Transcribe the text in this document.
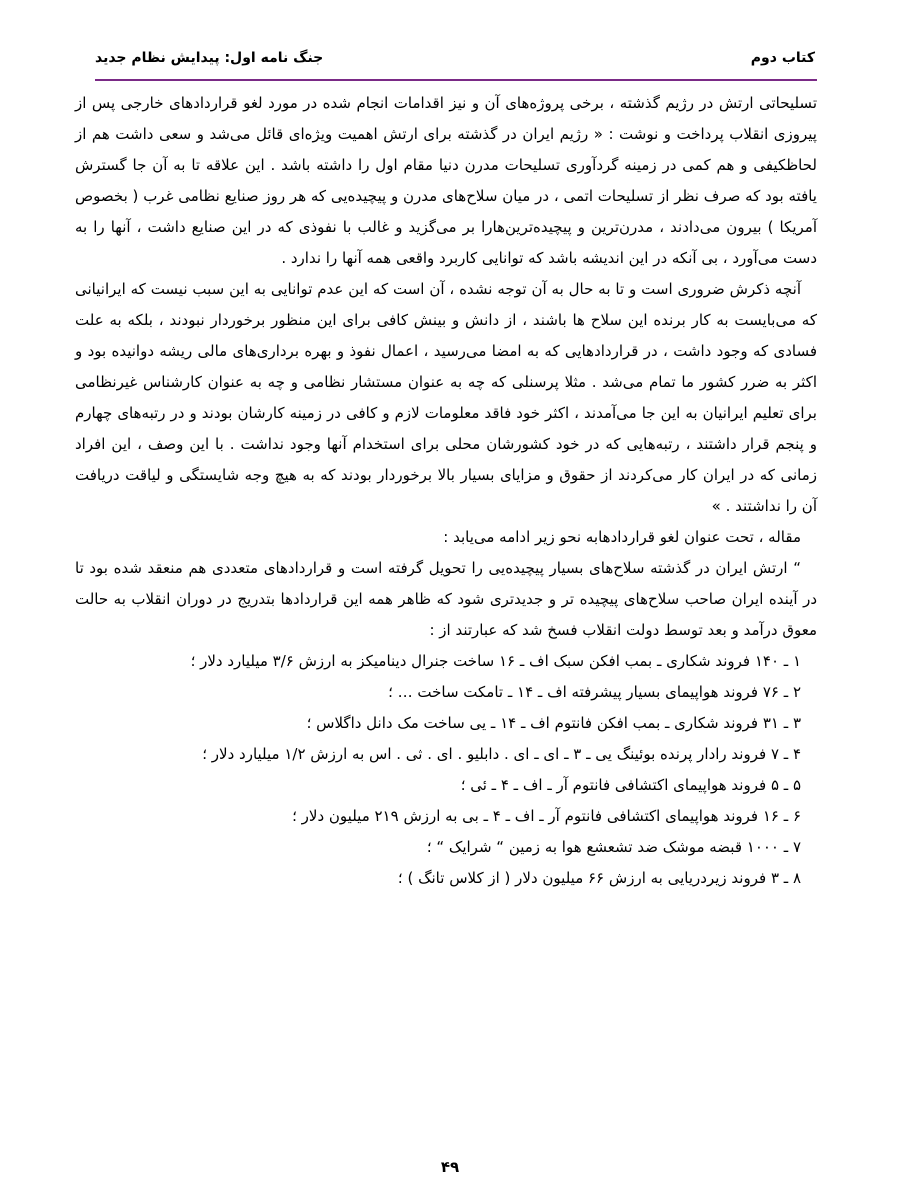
کتاب دوم
جنگ نامه اول: پیدایش نظام جدید

تسلیحاتی ارتش در رژیم گذشته ، برخی پروژه‌های آن و نیز اقدامات انجام شده در مورد لغو قراردادهای خارجی پس از پیروزی انقلاب پرداخت و نوشت : « رژیم ایران در گذشته برای ارتش اهمیت ویژه‌ای قائل می‌شد و سعی داشت هم از لحاظکیفی و هم کمی در زمینه گردآوری تسلیحات مدرن دنیا مقام اول را داشته باشد . این علاقه تا به آن جا گسترش یافته بود که صرف نظر از تسلیحات اتمی ، در میان سلاح‌های مدرن و پیچیده‌یی که هر روز صنایع نظامی غرب ( بخصوص آمریکا ) بیرون می‌دادند ، مدرن‌ترین و پیچیده‌ترین‌هارا بر می‌گزید و غالب با نفوذی که در این صنایع داشت ، آنها را به دست می‌آورد ، بی آنکه در این اندیشه باشد که توانایی کاربرد واقعی همه آنها را ندارد .

آنچه ذکرش ضروری است و تا به حال به آن توجه نشده ، آن است که این عدم توانایی به این سبب نیست که ایرانیانی که می‌بایست به کار برنده این سلاح ها باشند ، از دانش و بینش کافی برای این منظور برخوردار نبودند ، بلکه به علت فسادی که وجود داشت ، در قراردادهایی که به امضا می‌رسید ، اعمال نفوذ و بهره برداری‌های مالی ریشه دوانیده بود و اکثر به ضرر کشور ما تمام می‌شد . مثلا پرسنلی که چه به عنوان مستشار نظامی و چه به عنوان کارشناس غیرنظامی برای تعلیم ایرانیان به این جا می‌آمدند ، اکثر خود فاقد معلومات لازم و کافی در زمینه کارشان بودند و در رتبه‌های چهارم و پنجم قرار داشتند ، رتبه‌هایی که در خود کشورشان محلی برای استخدام آنها وجود نداشت . با این وصف ، این افراد زمانی که در ایران کار می‌کردند از حقوق و مزایای بسیار بالا برخوردار بودند که به هیچ وجه شایستگی و لیاقت دریافت آن را نداشتند . »

مقاله ، تحت عنوان لغو قراردادهابه نحو زیر ادامه می‌یابد :

“ ارتش ایران در گذشته سلاح‌های بسیار پیچیده‌یی را تحویل گرفته است و قراردادهای متعددی هم منعقد شده بود تا در آینده ایران صاحب سلاح‌های پیچیده تر و جدیدتری شود که ظاهر همه این قراردادها بتدریج در دوران انقلاب به حالت معوق درآمد و بعد توسط دولت انقلاب فسخ شد که عبارتند از :

۱ ـ ۱۴۰ فروند شکاری ـ بمب افکن سبک اف ـ ۱۶ ساخت جنرال دینامیکز به ارزش ۳/۶ میلیارد دلار ؛

۲ ـ ۷۶ فروند هواپیمای بسیار پیشرفته اف ـ ۱۴ ـ تامکت ساخت … ؛

۳ ـ ۳۱ فروند شکاری ـ بمب افکن فانتوم اف ـ ۱۴ ـ یی ساخت مک دانل داگلاس ؛

۴ ـ ۷ فروند رادار پرنده بوئینگ یی ـ ۳ ـ ای ـ ای . دابلیو . ای . ثی . اس به ارزش ۱/۲ میلیارد دلار ؛

۵ ـ ۵ فروند هواپیمای اکتشافی فانتوم آر ـ اف ـ ۴ ـ ئی ؛

۶ ـ ۱۶ فروند هواپیمای اکتشافی فانتوم آر ـ اف ـ ۴ ـ بی به ارزش ۲۱۹ میلیون دلار ؛

۷ ـ ۱۰۰۰ قبضه موشک ضد تشعشع هوا به زمین “ شرایک “ ؛

۸ ـ ۳ فروند زیردریایی به ارزش ۶۶ میلیون دلار ( از کلاس تانگ ) ؛

۴۹
